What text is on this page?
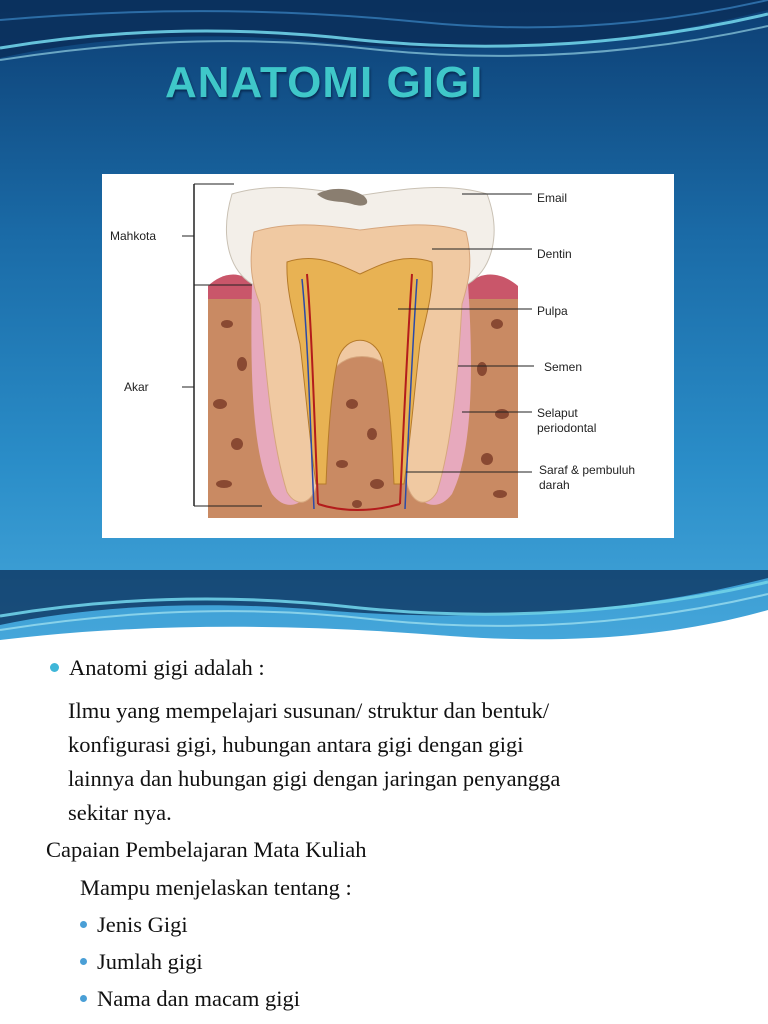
ANATOMI GIGI
Mahkota
Akar
Email
Dentin
Pulpa
Semen
Selaput
periodontal
Saraf & pembuluh
darah
Anatomi gigi adalah :
Ilmu yang mempelajari susunan/ struktur dan bentuk/
konfigurasi gigi, hubungan antara gigi dengan gigi
lainnya dan hubungan gigi dengan jaringan penyangga
sekitar nya.
Capaian Pembelajaran Mata Kuliah
Mampu menjelaskan tentang :
Jenis Gigi
Jumlah gigi
Nama dan macam gigi
